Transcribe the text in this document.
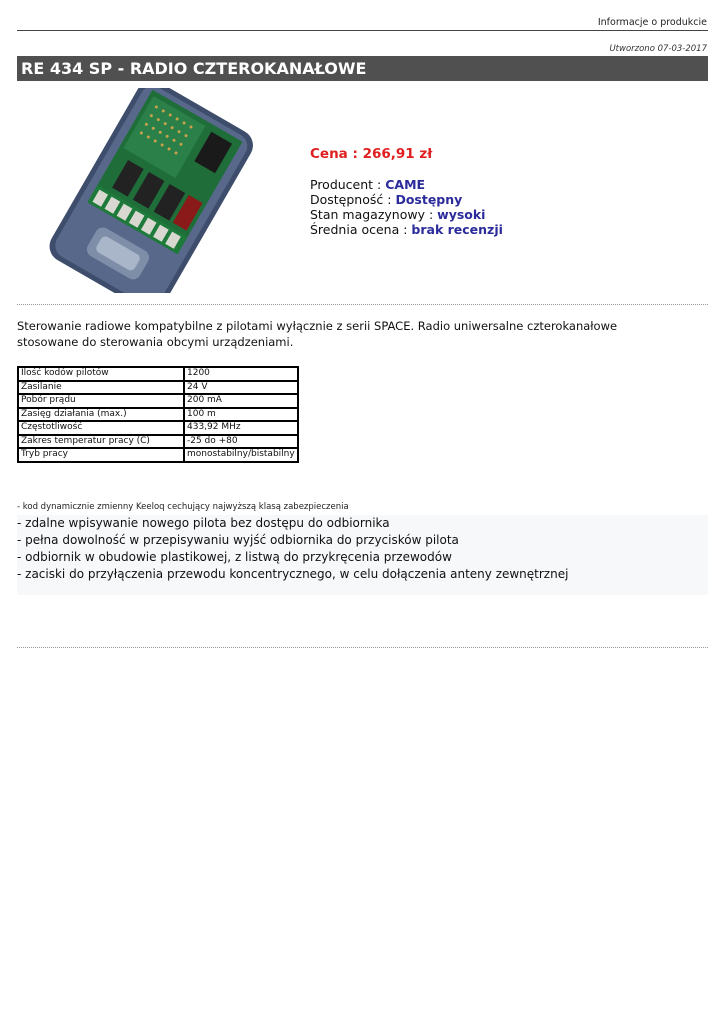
Informacje o produkcie
Utworzono 07-03-2017
RE 434 SP - RADIO CZTEROKANAŁOWE
Cena : 266,91 zł
Producent : CAME
Dostępność : Dostępny
Stan magazynowy : wysoki
Średnia ocena : brak recenzji
Sterowanie radiowe kompatybilne z pilotami wyłącznie z serii SPACE. Radio uniwersalne czterokanałowe stosowane do sterowania obcymi urządzeniami.
Ilość kodów pilotów	1200
Zasilanie	24 V
Pobór prądu	200 mA
Zasięg działania (max.)	100 m
Częstotliwość	433,92 MHz
Zakres temperatur pracy (C)	-25 do +80
Tryb pracy	monostabilny/bistabilny
- kod dynamicznie zmienny Keeloq cechujący najwyższą klasą zabezpieczenia
- zdalne wpisywanie nowego pilota bez dostępu do odbiornika
- pełna dowolność w przepisywaniu wyjść odbiornika do przycisków pilota
- odbiornik w obudowie plastikowej, z listwą do przykręcenia przewodów
- zaciski do przyłączenia przewodu koncentrycznego, w celu dołączenia anteny zewnętrznej
